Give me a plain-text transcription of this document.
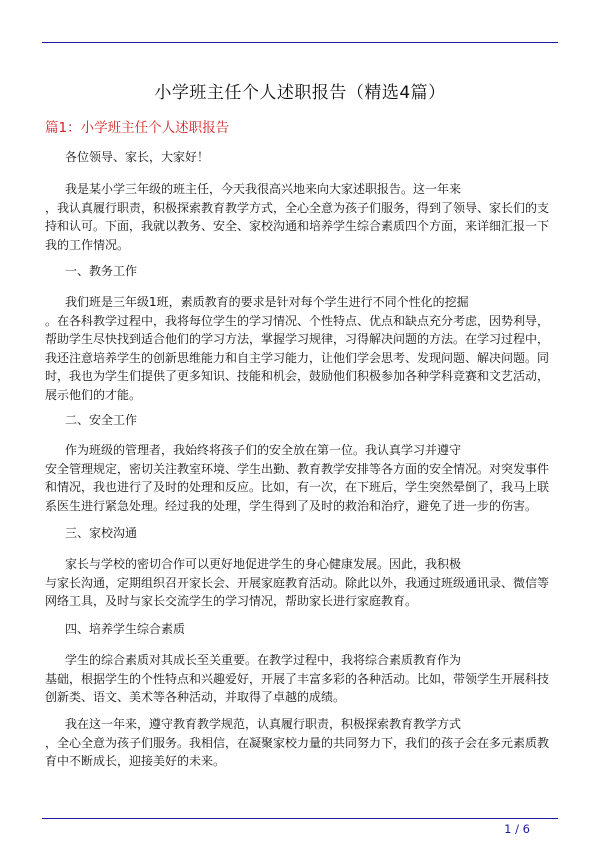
小学班主任个人述职报告（精选4篇）
篇1：小学班主任个人述职报告
各位领导、家长，大家好！
我是某小学三年级的班主任，今天我很高兴地来向大家述职报告。这一年来
，我认真履行职责，积极探索教育教学方式，全心全意为孩子们服务，得到了领导、家长们的支
持和认可。下面，我就以教务、安全、家校沟通和培养学生综合素质四个方面，来详细汇报一下
我的工作情况。
一、教务工作
我们班是三年级1班，素质教育的要求是针对每个学生进行不同个性化的挖掘
。在各科教学过程中，我将每位学生的学习情况、个性特点、优点和缺点充分考虑，因势利导，
帮助学生尽快找到适合他们的学习方法，掌握学习规律，习得解决问题的方法。在学习过程中，
我还注意培养学生的创新思维能力和自主学习能力，让他们学会思考、发现问题、解决问题。同
时，我也为学生们提供了更多知识、技能和机会，鼓励他们积极参加各种学科竞赛和文艺活动，
展示他们的才能。
二、安全工作
作为班级的管理者，我始终将孩子们的安全放在第一位。我认真学习并遵守
安全管理规定，密切关注教室环境、学生出勤、教育教学安排等各方面的安全情况。对突发事件
和情况，我也进行了及时的处理和反应。比如，有一次，在下班后，学生突然晕倒了，我马上联
系医生进行紧急处理。经过我的处理，学生得到了及时的救治和治疗，避免了进一步的伤害。
三、家校沟通
家长与学校的密切合作可以更好地促进学生的身心健康发展。因此，我积极
与家长沟通，定期组织召开家长会、开展家庭教育活动。除此以外，我通过班级通讯录、微信等
网络工具，及时与家长交流学生的学习情况，帮助家长进行家庭教育。
四、培养学生综合素质
学生的综合素质对其成长至关重要。在教学过程中，我将综合素质教育作为
基础，根据学生的个性特点和兴趣爱好，开展了丰富多彩的各种活动。比如，带领学生开展科技
创新类、语文、美术等各种活动，并取得了卓越的成绩。
我在这一年来，遵守教育教学规范，认真履行职责，积极探索教育教学方式
，全心全意为孩子们服务。我相信，在凝聚家校力量的共同努力下，我们的孩子会在多元素质教
育中不断成长，迎接美好的未来。
1 / 6
